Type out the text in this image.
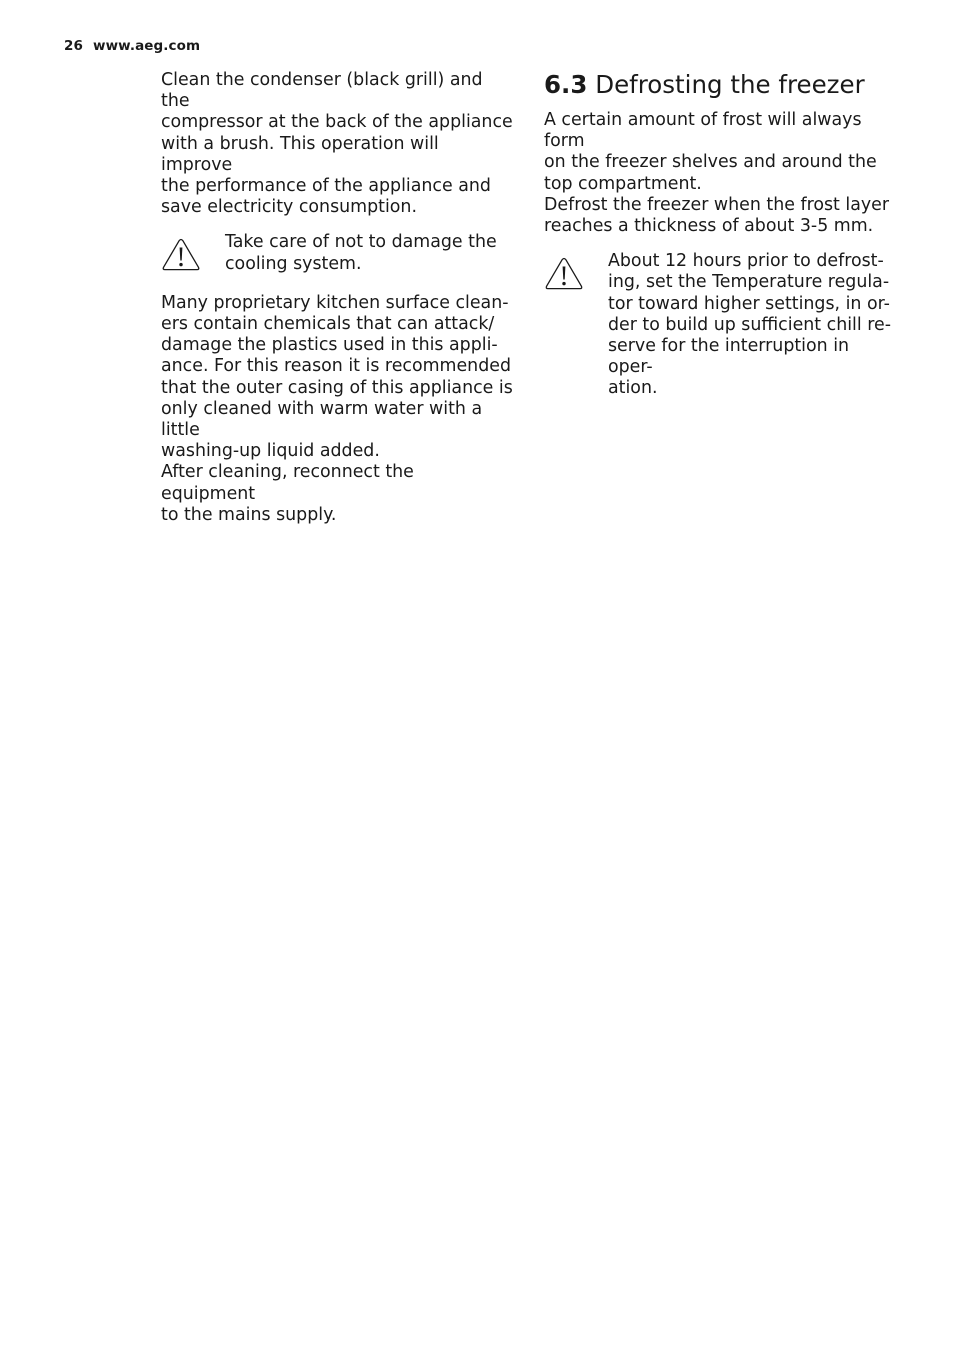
26 www.aeg.com

Clean the condenser (black grill) and the

compressor at the back of the appliance

with a brush. This operation will improve

the performance of the appliance and

save electricity consumption.

Take care of not to damage the

cooling system.

Many proprietary kitchen surface clean-

ers contain chemicals that can attack/

damage the plastics used in this appli-

ance. For this reason it is recommended

that the outer casing of this appliance is

only cleaned with warm water with a little

washing-up liquid added.

After cleaning, reconnect the equipment

to the mains supply.

6.3 Defrosting the freezer

A certain amount of frost will always form

on the freezer shelves and around the

top compartment.

Defrost the freezer when the frost layer

reaches a thickness of about 3-5 mm.

About 12 hours prior to defrost-

ing, set the Temperature regula-

tor toward higher settings, in or-

der to build up sufficient chill re-

serve for the interruption in oper-

ation.
